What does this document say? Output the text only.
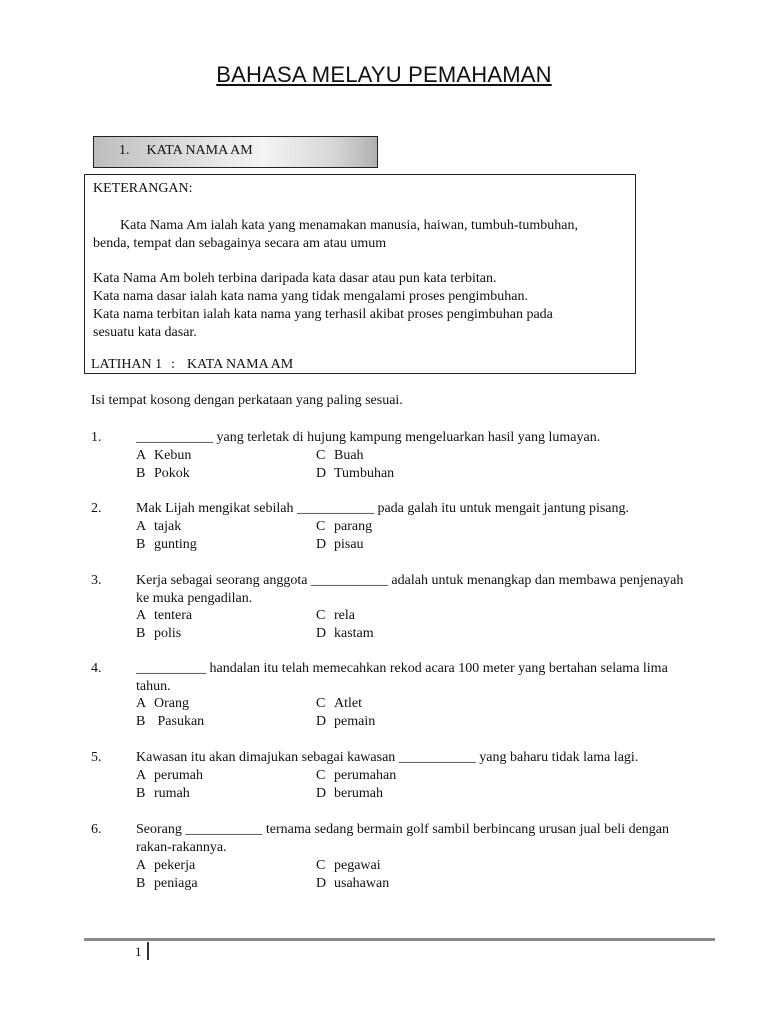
BAHASA MELAYU PEMAHAMAN
1. KATA NAMA AM
KETERANGAN:
Kata Nama Am ialah kata yang menamakan manusia, haiwan, tumbuh-tumbuhan,
benda, tempat dan sebagainya secara am atau umum
Kata Nama Am boleh terbina daripada kata dasar atau pun kata terbitan.
Kata nama dasar ialah kata nama yang tidak mengalami proses pengimbuhan.
Kata nama terbitan ialah kata nama yang terhasil akibat proses pengimbuhan pada
sesuatu kata dasar.
LATIHAN 1 : KATA NAMA AM
Isi tempat kosong dengan perkataan yang paling sesuai.
1. ___________ yang terletak di hujung kampung mengeluarkan hasil yang lumayan.
A Kebun	C Buah
B Pokok	D Tumbuhan
2. Mak Lijah mengikat sebilah ___________ pada galah itu untuk mengait jantung pisang.
A tajak	C parang
B gunting	D pisau
3. Kerja sebagai seorang anggota ___________ adalah untuk menangkap dan membawa penjenayah
ke muka pengadilan.
A tentera	C rela
B polis	D kastam
4. __________ handalan itu telah memecahkan rekod acara 100 meter yang bertahan selama lima
tahun.
A Orang	C Atlet
B Pasukan	D pemain
5. Kawasan itu akan dimajukan sebagai kawasan ___________ yang baharu tidak lama lagi.
A perumah	C perumahan
B rumah	D berumah
6. Seorang ___________ ternama sedang bermain golf sambil berbincang urusan jual beli dengan
rakan-rakannya.
A pekerja	C pegawai
B peniaga	D usahawan
1
